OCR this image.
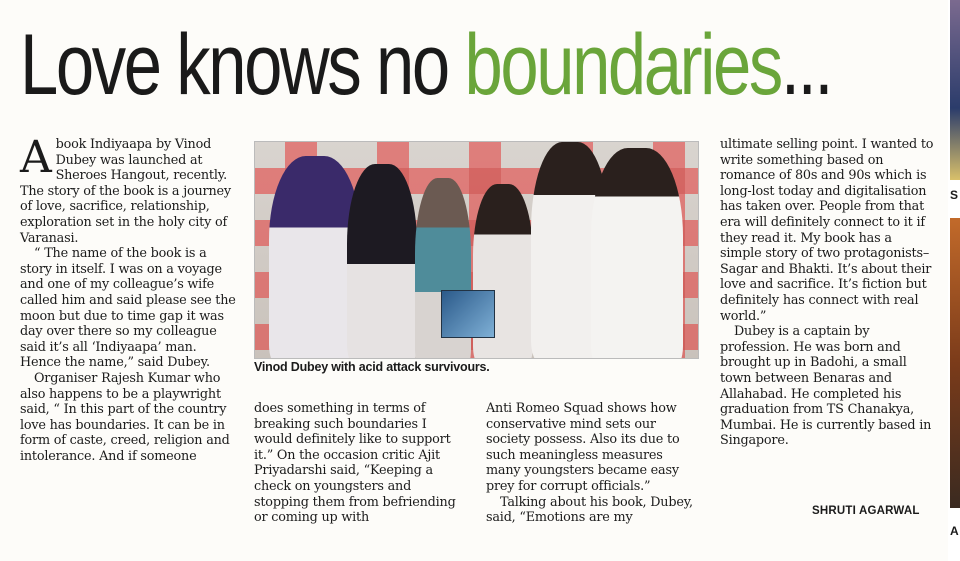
Love knows no boundaries...
A book Indiyaapa by Vinod Dubey was launched at Sheroes Hangout, recently. The story of the book is a journey of love, sacrifice, relationship, exploration set in the holy city of Varanasi.

“ The name of the book is a story in itself. I was on a voyage and one of my colleague’s wife called him and said please see the moon but due to time gap it was day over there so my colleague said it’s all ‘Indiyaapa’ man. Hence the name,” said Dubey.

Organiser Rajesh Kumar who also happens to be a playwright said, “ In this part of the country love has boundaries. It can be in form of caste, creed, religion and intolerance. And if someone

Vinod Dubey with acid attack survivours.

does something in terms of breaking such boundaries I would definitely like to support it.” On the occasion critic Ajit Priyadarshi said, “Keeping a check on youngsters and stopping them from befriending or coming up with

Anti Romeo Squad shows how conservative mind sets our society possess. Also its due to such meaningless measures many youngsters became easy prey for corrupt officials.”

Talking about his book, Dubey, said, “Emotions are my

ultimate selling point. I wanted to write something based on romance of 80s and 90s which is long-lost today and digitalisation has taken over. People from that era will definitely connect to it if they read it. My book has a simple story of two protagonists– Sagar and Bhakti. It’s about their love and sacrifice. It’s fiction but definitely has connect with real world.”

Dubey is a captain by profession. He was born and brought up in Badohi, a small town between Benaras and Allahabad. He completed his graduation from TS Chanakya, Mumbai. He is currently based in Singapore.

SHRUTI AGARWAL
S
A
